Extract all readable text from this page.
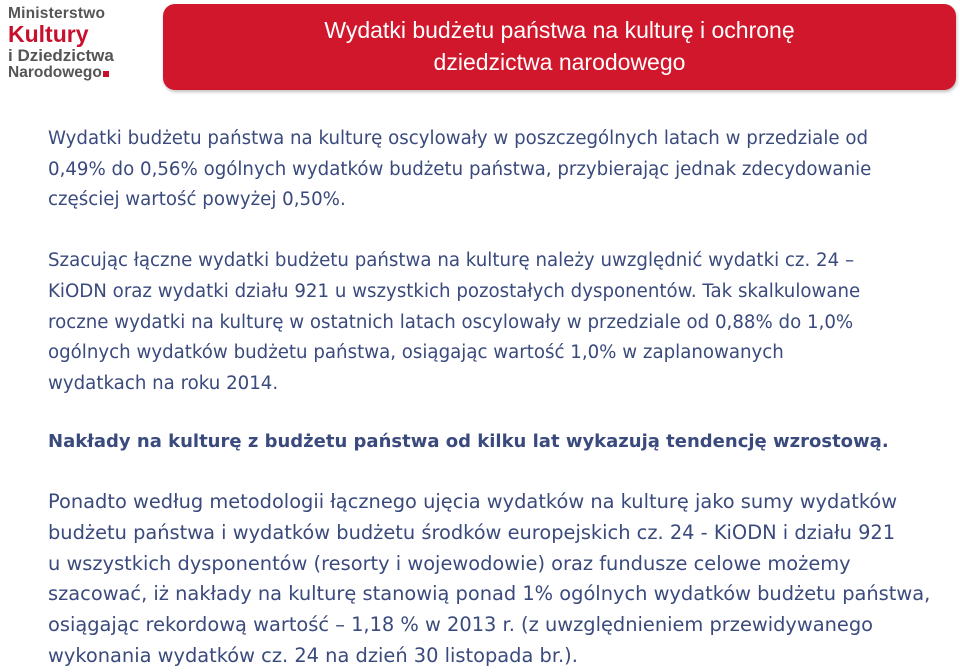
Ministerstwo
Kultury
i Dziedzictwa
Narodowego
Wydatki budżetu państwa na kulturę i ochronę
dziedzictwa narodowego

Wydatki budżetu państwa na kulturę oscylowały w poszczególnych latach w przedziale od
0,49% do 0,56% ogólnych wydatków budżetu państwa, przybierając jednak zdecydowanie
częściej wartość powyżej 0,50%.

Szacując łączne wydatki budżetu państwa na kulturę należy uwzględnić wydatki cz. 24 –
KiODN oraz wydatki działu 921 u wszystkich pozostałych dysponentów. Tak skalkulowane
roczne wydatki na kulturę w ostatnich latach oscylowały w przedziale od 0,88% do 1,0%
ogólnych wydatków budżetu państwa, osiągając wartość 1,0% w zaplanowanych
wydatkach na roku 2014.

Nakłady na kulturę z budżetu państwa od kilku lat wykazują tendencję wzrostową.

Ponadto według metodologii łącznego ujęcia wydatków na kulturę jako sumy wydatków
budżetu państwa i wydatków budżetu środków europejskich cz. 24 - KiODN i działu 921
u wszystkich dysponentów (resorty i wojewodowie) oraz fundusze celowe możemy
szacować, iż nakłady na kulturę stanowią ponad 1% ogólnych wydatków budżetu państwa,
osiągając rekordową wartość – 1,18 % w 2013 r. (z uwzględnieniem przewidywanego
wykonania wydatków cz. 24 na dzień 30 listopada br.).
